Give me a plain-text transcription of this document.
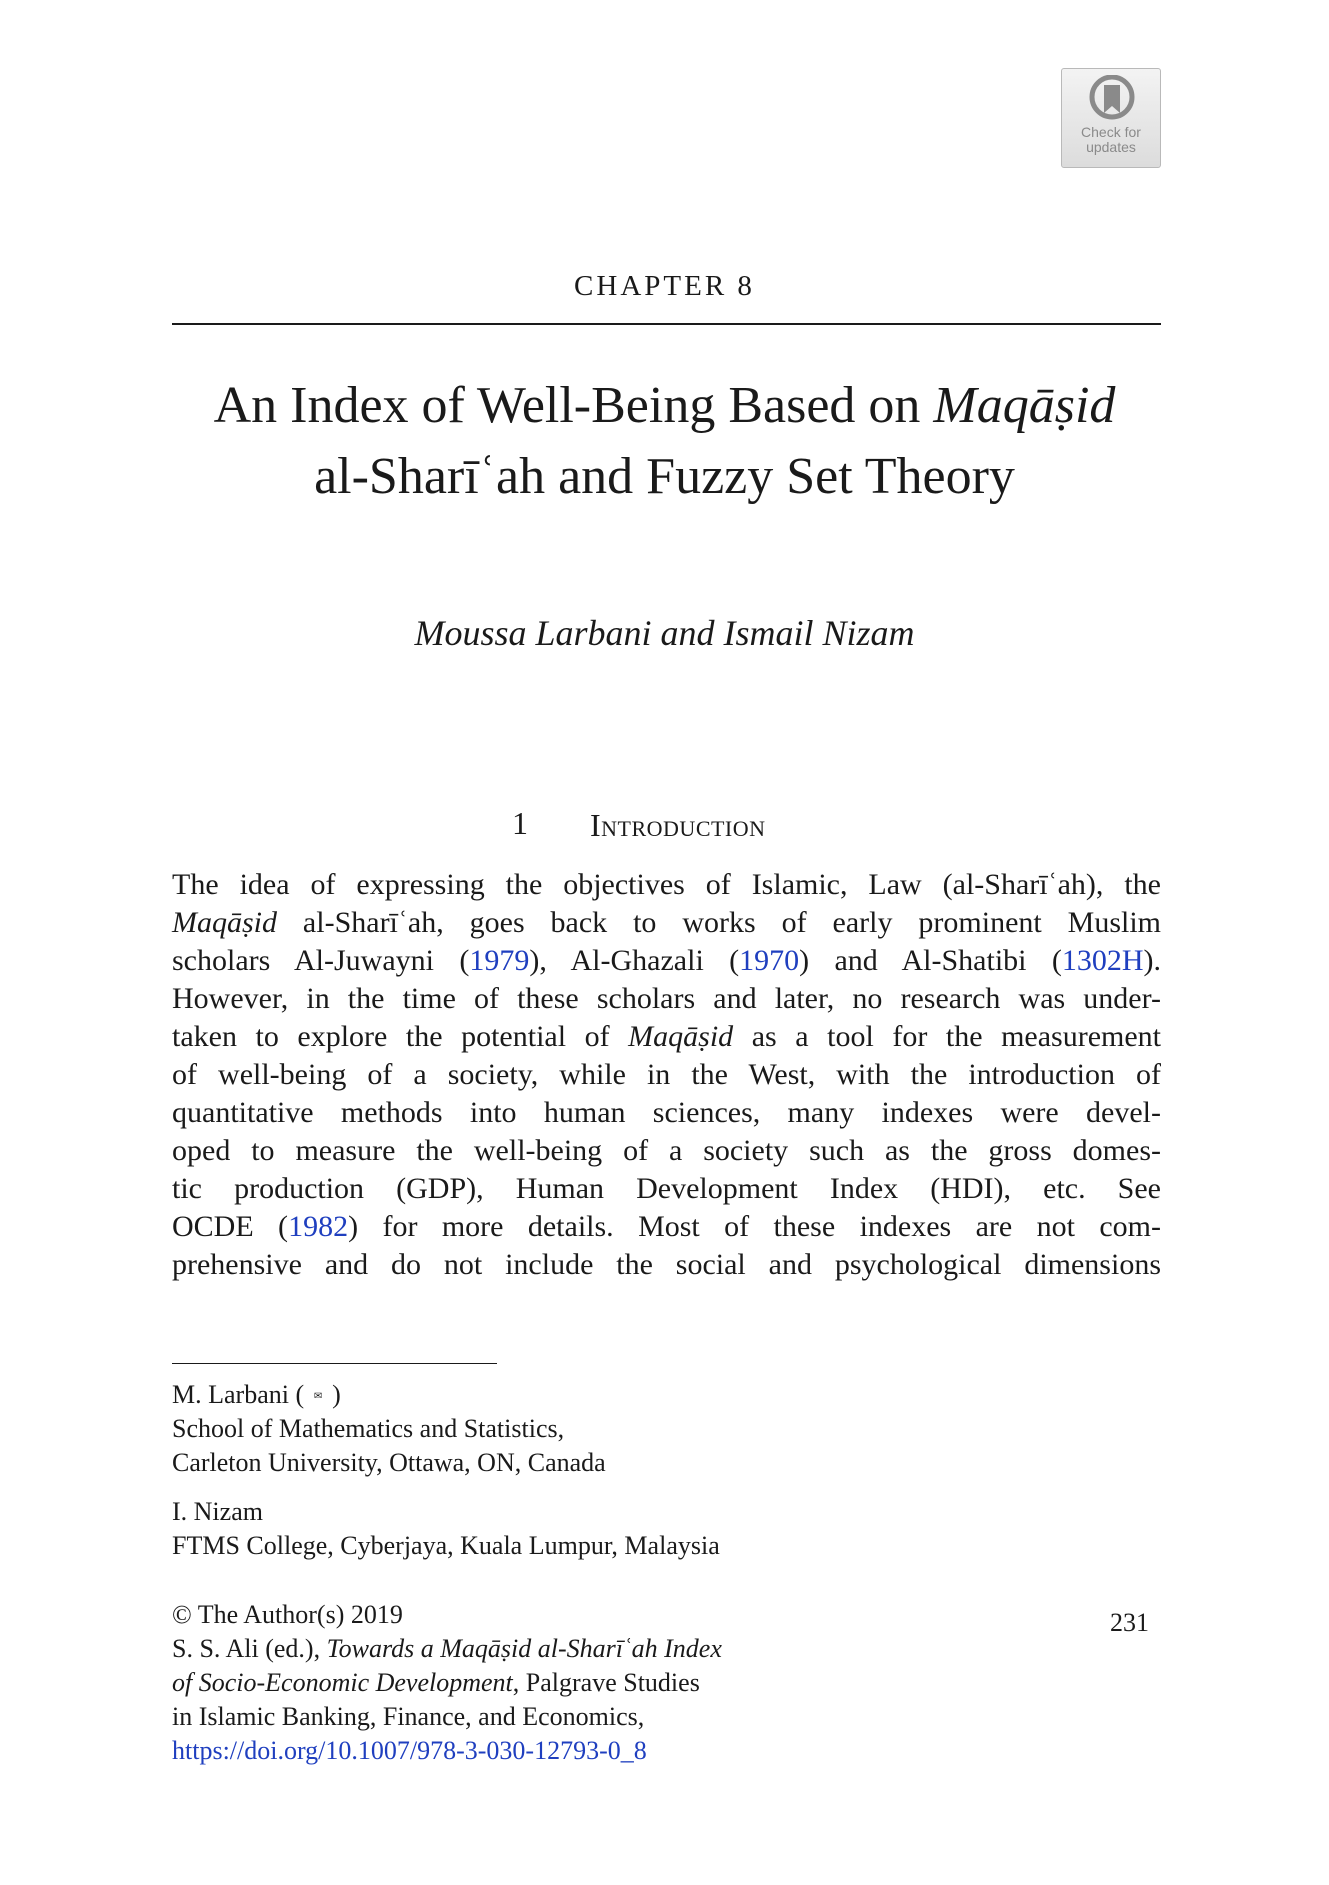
Check for
updates
CHAPTER 8
An Index of Well-Being Based on Maqāṣid
al-Sharīʿah and Fuzzy Set Theory
Moussa Larbani and Ismail Nizam
1 Introduction
The idea of expressing the objectives of Islamic, Law (al-Sharīʿah), the
Maqāṣid al-Sharīʿah, goes back to works of early prominent Muslim
scholars Al-Juwayni (1979), Al-Ghazali (1970) and Al-Shatibi (1302H).
However, in the time of these scholars and later, no research was under-
taken to explore the potential of Maqāṣid as a tool for the measurement
of well-being of a society, while in the West, with the introduction of
quantitative methods into human sciences, many indexes were devel-
oped to measure the well-being of a society such as the gross domes-
tic production (GDP), Human Development Index (HDI), etc. See
OCDE (1982) for more details. Most of these indexes are not com-
prehensive and do not include the social and psychological dimensions
M. Larbani ( ✉ )
School of Mathematics and Statistics,
Carleton University, Ottawa, ON, Canada
I. Nizam
FTMS College, Cyberjaya, Kuala Lumpur, Malaysia
© The Author(s) 2019	231
S. S. Ali (ed.), Towards a Maqāṣid al-Sharīʿah Index
of Socio-Economic Development, Palgrave Studies
in Islamic Banking, Finance, and Economics,
https://doi.org/10.1007/978-3-030-12793-0_8
